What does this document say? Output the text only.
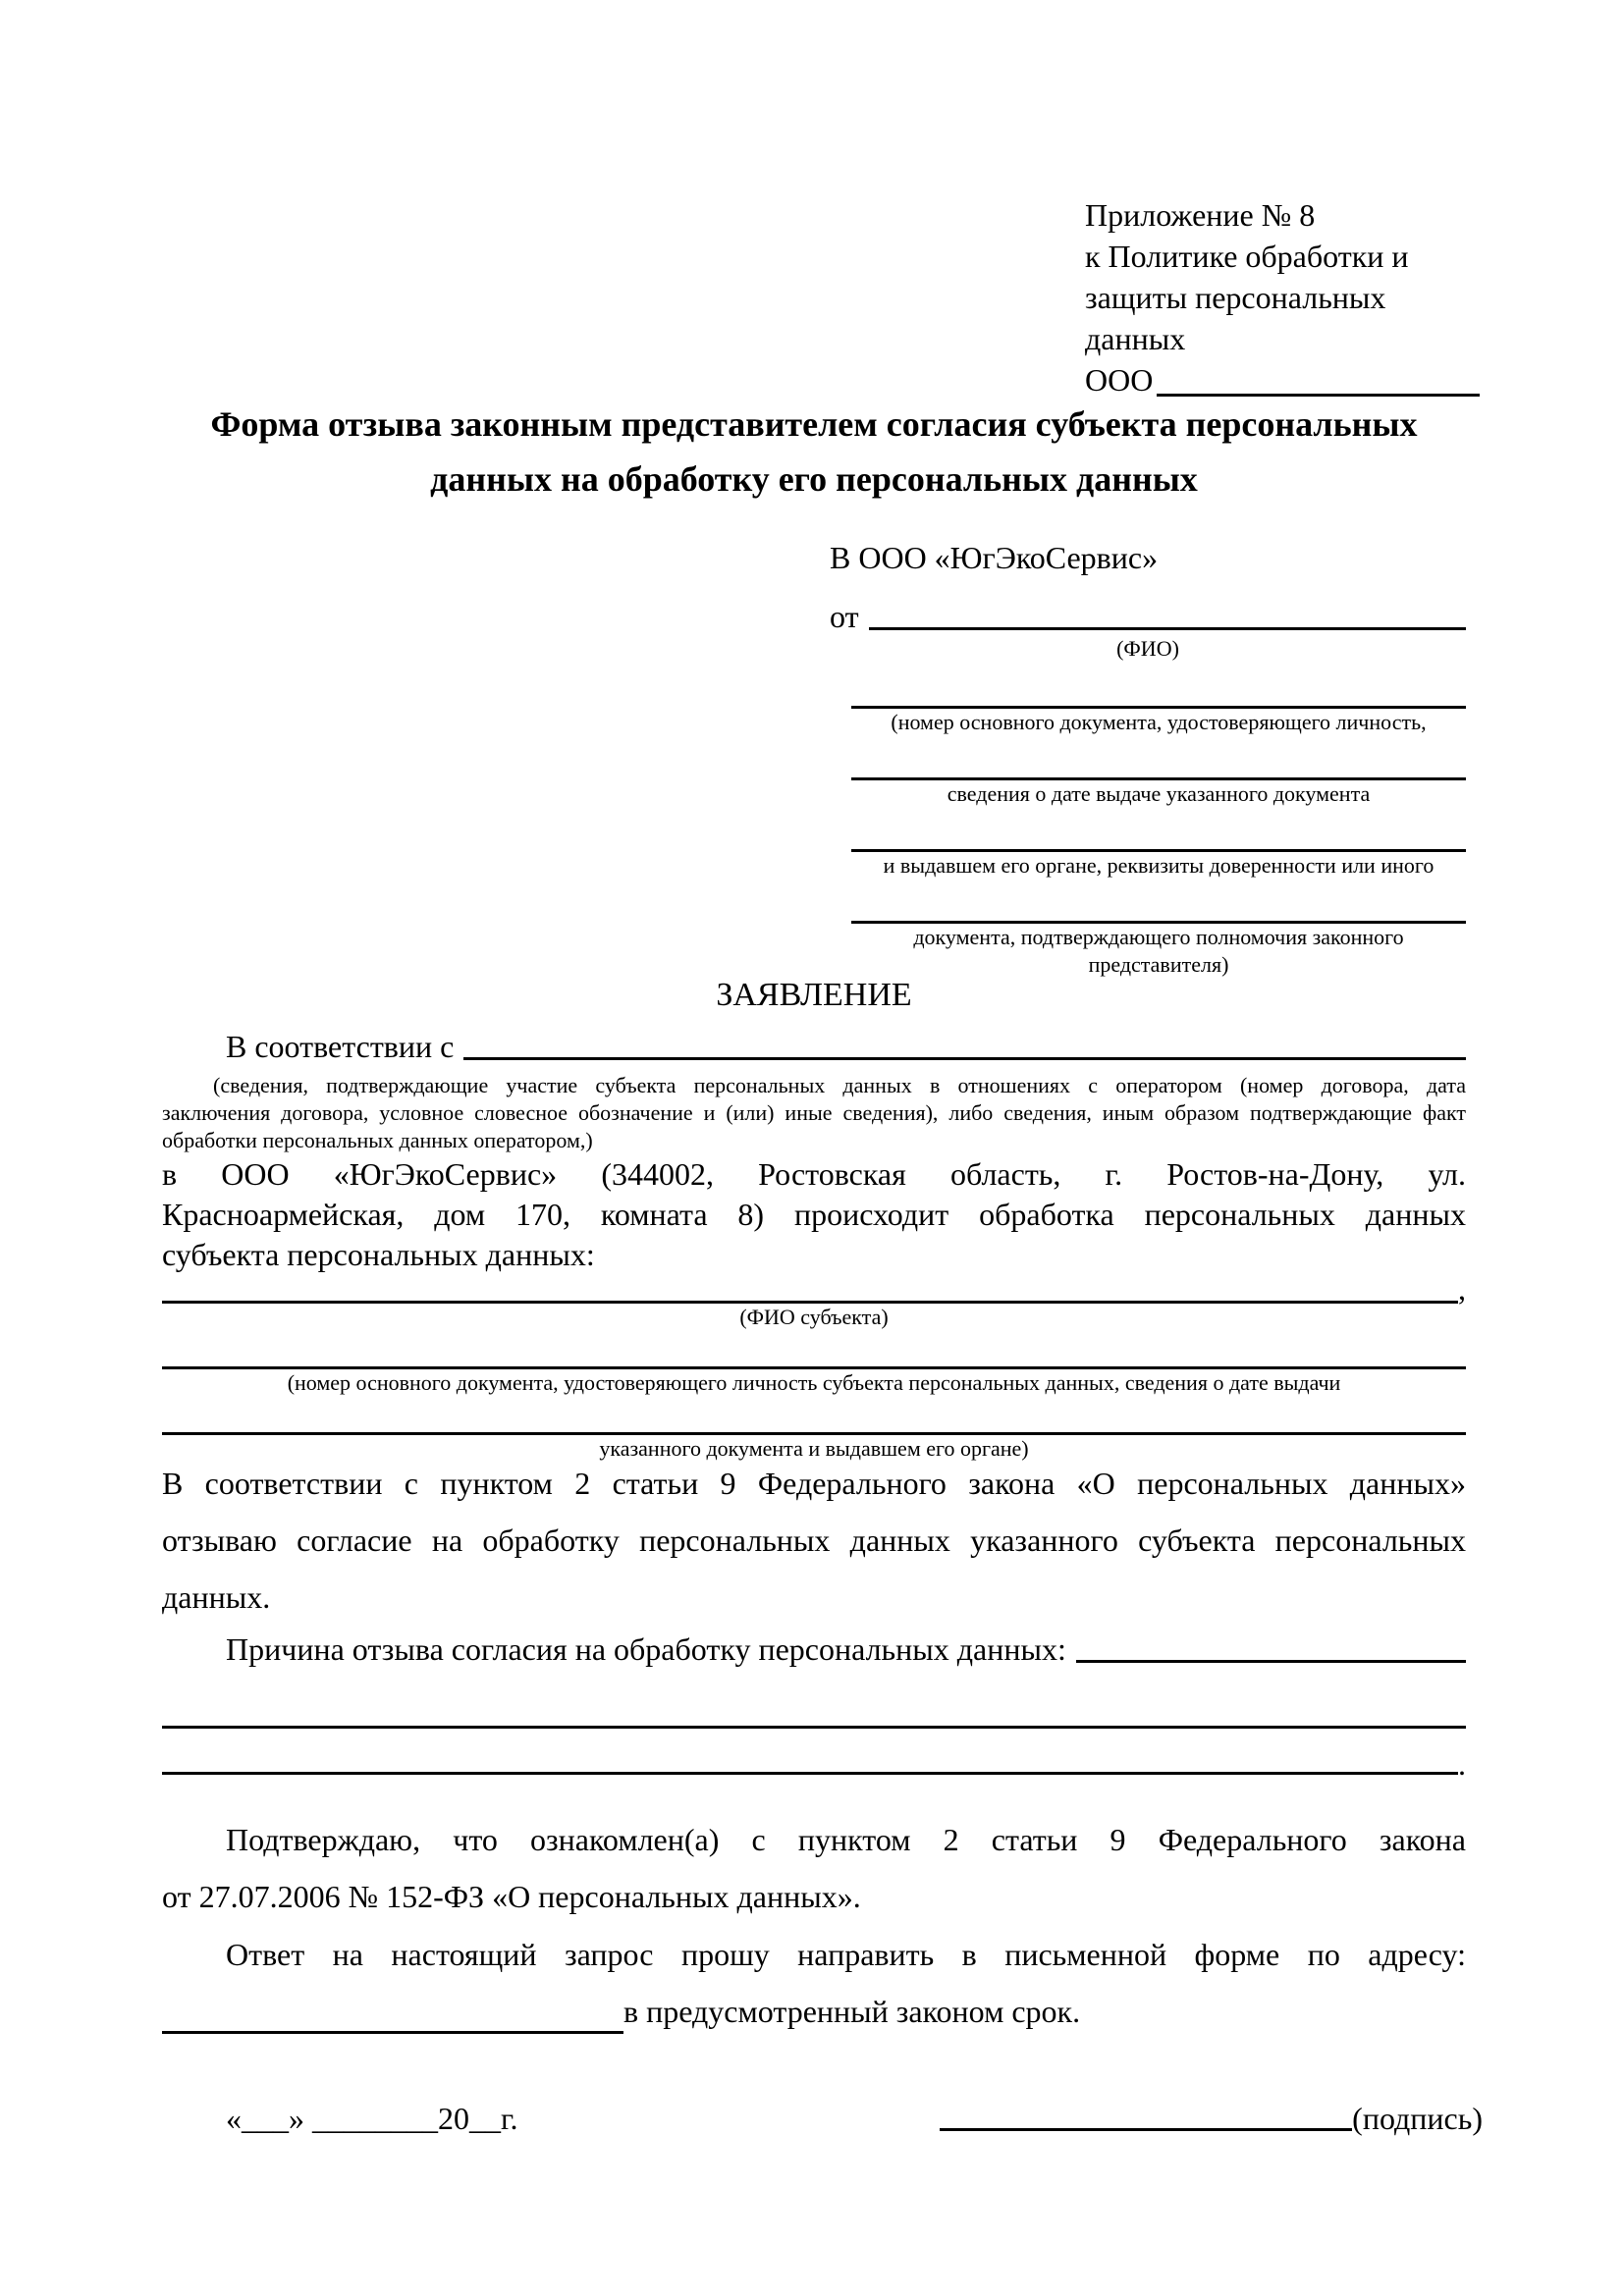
Приложение № 8
к Политике обработки и
защиты персональных данных
ООО
Форма отзыва законным представителем согласия субъекта персональных данных на обработку его персональных данных
В ООО «ЮгЭкоСервис»
от
(ФИО)
(номер основного документа, удостоверяющего личность,
сведения о дате выдаче указанного документа
и выдавшем его органе, реквизиты доверенности или иного
документа, подтверждающего полномочия законного представителя)
ЗАЯВЛЕНИЕ
В соответствии с
(сведения, подтверждающие участие субъекта персональных данных в отношениях с оператором (номер договора, дата
заключения договора, условное словесное обозначение и (или) иные сведения), либо сведения, иным образом подтверждающие факт
обработки персональных данных оператором,)
в ООО «ЮгЭкоСервис» (344002, Ростовская область, г. Ростов-на-Дону, ул.
Красноармейская, дом 170, комната 8) происходит обработка персональных данных
субъекта персональных данных:
,
(ФИО субъекта)
(номер основного документа, удостоверяющего личность субъекта персональных данных, сведения о дате выдачи
указанного документа и выдавшем его органе)
В соответствии с пунктом 2 статьи 9 Федерального закона «О персональных данных»
отзываю согласие на обработку персональных данных указанного субъекта персональных
данных.
Причина отзыва согласия на обработку персональных данных:
.
Подтверждаю, что ознакомлен(а) с пунктом 2 статьи 9 Федерального закона
от 27.07.2006 № 152-ФЗ «О персональных данных».
Ответ на настоящий запрос прошу направить в письменной форме по адресу:
в предусмотренный законом срок.
«___» ________20__г.	(подпись)
